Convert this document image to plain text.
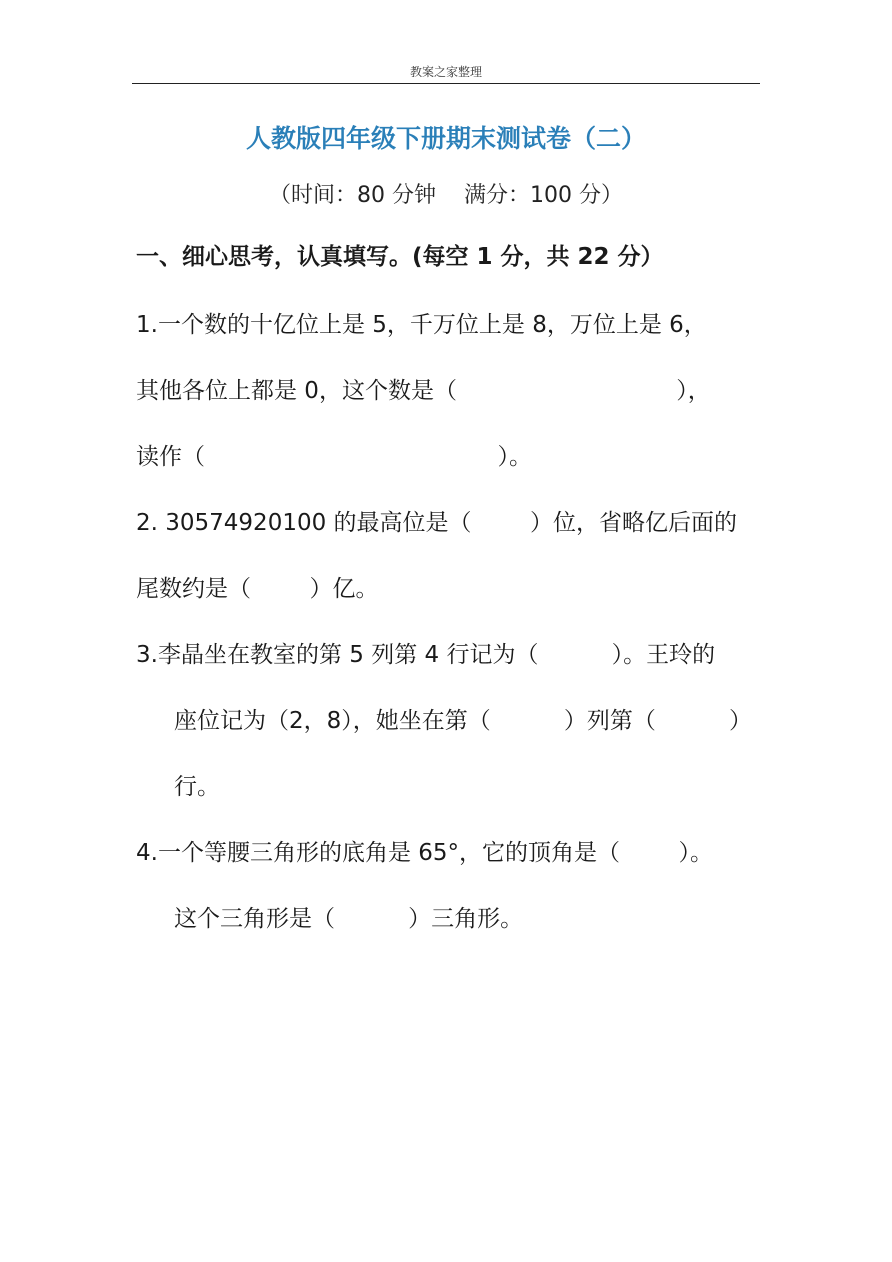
教案之家整理
人教版四年级下册期末测试卷（二）
（时间：80 分钟    满分：100 分）
一、细心思考，认真填写。(每空 1 分，共 22 分）
1.一个数的十亿位上是 5，千万位上是 8，万位上是 6，
其他各位上都是 0，这个数是（                              ），
读作（                                        ）。
2. 30574920100 的最高位是（        ）位，省略亿后面的
尾数约是（        ）亿。
3.李晶坐在教室的第 5 列第 4 行记为（          ）。王玲的
座位记为（2，8），她坐在第（          ）列第（          ）
行。
4.一个等腰三角形的底角是 65°，它的顶角是（        ）。
这个三角形是（          ）三角形。
